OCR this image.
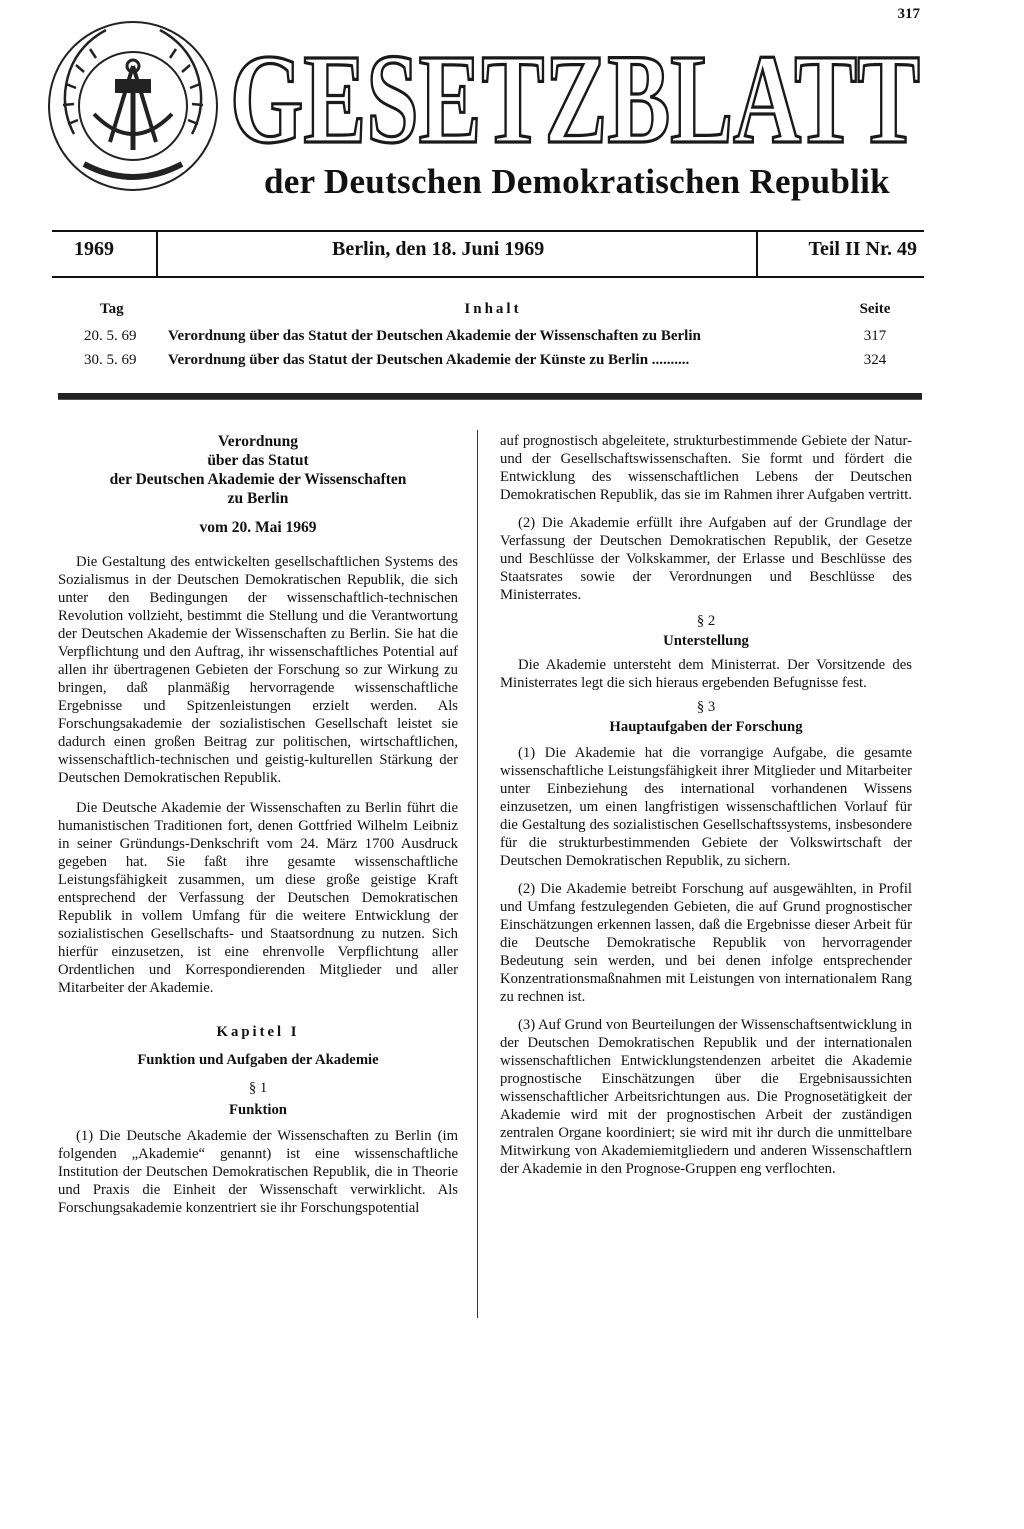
317
GESETZBLATT
der Deutschen Demokratischen Republik
1969	Berlin, den 18. Juni 1969	Teil II Nr. 49
Tag	Inhalt	Seite
20. 5. 69	Verordnung über das Statut der Deutschen Akademie der Wissenschaften zu Berlin	317
30. 5. 69	Verordnung über das Statut der Deutschen Akademie der Künste zu Berlin ..........	324
Verordnung
über das Statut
der Deutschen Akademie der Wissenschaften
zu Berlin
vom 20. Mai 1969

Die Gestaltung des entwickelten gesellschaftlichen Systems des Sozialismus in der Deutschen Demokratischen Republik, die sich unter den Bedingungen der wissenschaftlich-technischen Revolution vollzieht, bestimmt die Stellung und die Verantwortung der Deutschen Akademie der Wissenschaften zu Berlin. Sie hat die Verpflichtung und den Auftrag, ihr wissenschaftliches Potential auf allen ihr übertragenen Gebieten der Forschung so zur Wirkung zu bringen, daß planmäßig hervorragende wissenschaftliche Ergebnisse und Spitzenleistungen erzielt werden. Als Forschungsakademie der sozialistischen Gesellschaft leistet sie dadurch einen großen Beitrag zur politischen, wirtschaftlichen, wissenschaftlich-technischen und geistig-kulturellen Stärkung der Deutschen Demokratischen Republik.

Die Deutsche Akademie der Wissenschaften zu Berlin führt die humanistischen Traditionen fort, denen Gottfried Wilhelm Leibniz in seiner Gründungs-Denkschrift vom 24. März 1700 Ausdruck gegeben hat. Sie faßt ihre gesamte wissenschaftliche Leistungsfähigkeit zusammen, um diese große geistige Kraft entsprechend der Verfassung der Deutschen Demokratischen Republik in vollem Umfang für die weitere Entwicklung der sozialistischen Gesellschafts- und Staatsordnung zu nutzen. Sich hierfür einzusetzen, ist eine ehrenvolle Verpflichtung aller Ordentlichen und Korrespondierenden Mitglieder und aller Mitarbeiter der Akademie.

Kapitel I
Funktion und Aufgaben der Akademie
§ 1
Funktion

(1) Die Deutsche Akademie der Wissenschaften zu Berlin (im folgenden „Akademie“ genannt) ist eine wissenschaftliche Institution der Deutschen Demokratischen Republik, die in Theorie und Praxis die Einheit der Wissenschaft verwirklicht. Als Forschungsakademie konzentriert sie ihr Forschungspotential

auf prognostisch abgeleitete, strukturbestimmende Gebiete der Natur- und der Gesellschaftswissenschaften. Sie formt und fördert die Entwicklung des wissenschaftlichen Lebens der Deutschen Demokratischen Republik, das sie im Rahmen ihrer Aufgaben vertritt.

(2) Die Akademie erfüllt ihre Aufgaben auf der Grundlage der Verfassung der Deutschen Demokratischen Republik, der Gesetze und Beschlüsse der Volkskammer, der Erlasse und Beschlüsse des Staatsrates sowie der Verordnungen und Beschlüsse des Ministerrates.

§ 2
Unterstellung

Die Akademie untersteht dem Ministerrat. Der Vorsitzende des Ministerrates legt die sich hieraus ergebenden Befugnisse fest.

§ 3
Hauptaufgaben der Forschung

(1) Die Akademie hat die vorrangige Aufgabe, die gesamte wissenschaftliche Leistungsfähigkeit ihrer Mitglieder und Mitarbeiter unter Einbeziehung des international vorhandenen Wissens einzusetzen, um einen langfristigen wissenschaftlichen Vorlauf für die Gestaltung des sozialistischen Gesellschaftssystems, insbesondere für die strukturbestimmenden Gebiete der Volkswirtschaft der Deutschen Demokratischen Republik, zu sichern.

(2) Die Akademie betreibt Forschung auf ausgewählten, in Profil und Umfang festzulegenden Gebieten, die auf Grund prognostischer Einschätzungen erkennen lassen, daß die Ergebnisse dieser Arbeit für die Deutsche Demokratische Republik von hervorragender Bedeutung sein werden, und bei denen infolge entsprechender Konzentrationsmaßnahmen mit Leistungen von internationalem Rang zu rechnen ist.

(3) Auf Grund von Beurteilungen der Wissenschaftsentwicklung in der Deutschen Demokratischen Republik und der internationalen wissenschaftlichen Entwicklungstendenzen arbeitet die Akademie prognostische Einschätzungen über die Ergebnisaussichten wissenschaftlicher Arbeitsrichtungen aus. Die Prognosetätigkeit der Akademie wird mit der prognostischen Arbeit der zuständigen zentralen Organe koordiniert; sie wird mit ihr durch die unmittelbare Mitwirkung von Akademiemitgliedern und anderen Wissenschaftlern der Akademie in den Prognose-Gruppen eng verflochten.
